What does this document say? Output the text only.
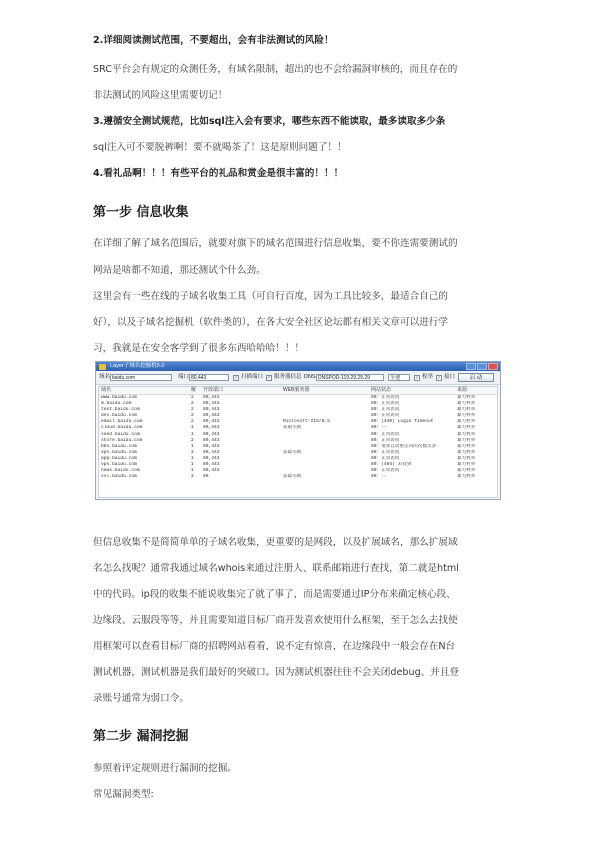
2.详细阅读测试范围，不要超出，会有非法测试的风险！

SRC平台会有规定的众测任务，有域名限制，超出的也不会给漏洞审核的，而且存在的

非法测试的风险这里需要切记！

3.遵循安全测试规范，比如sql注入会有要求，哪些东西不能读取，最多读取多少条

sql注入可不要脱裤啊！要不就喝茶了！这是原则问题了！！

4.看礼品啊！！！有些平台的礼品和赏金是很丰富的！！！

第一步 信息收集

在详细了解了域名范围后，就要对旗下的域名范围进行信息收集，要不你连需要测试的

网站是啥都不知道，那还测试个什么劲。

这里会有一些在线的子域名收集工具（可自行百度，因为工具比较多，最适合自己的

好），以及子域名挖掘机（软件类的），在各大安全社区论坛都有相关文章可以进行学

习，我就是在安全客学到了很多东西哈哈哈！！！

Layer子域名挖掘机5.0
域名 baidu.com	端口 80,443	✓ 扫描端口 ✓ 服务器信息 DNS DNSPOD-119.29.29.29	全速	✓ 枚举 ✓ 接口	启 动
域名	解	开放端口	WEB服务器	网站状态	来源
www.baidu.com	2	80,443		80：正常访问	暴力枚举
m.baidu.com	2	80,443		80：正常访问	暴力枚举
test.baidu.com	2	80,443		80：正常访问	暴力枚举
dev.baidu.com	2	80,443		80：正常访问	暴力枚举
email.baidu.com	2	80,443	Microsoft-IIS/8.5	80：(440) Login Timeout	暴力枚举
cloud.baidu.com	1	80,443	获取失败	80：--	暴力枚举
seed.baidu.com	1	80,443		80：正常访问	暴力枚举
store.baidu.com	2	80,443		80：正常访问	暴力枚举
bbs.baidu.com	1	80,443		80：请求自动重定向的次数太多	暴力枚举
vpn.baidu.com	2	80,443	获取失败	80：正常访问	暴力枚举
app.baidu.com	1	80,443		80：正常访问	暴力枚举
vps.baidu.com	1	80,443		80：(404) 未找到	暴力枚举
news.baidu.com	1	80,443		80：正常访问	暴力枚举
ssl.baidu.com	2	80	获取失败	80：--	暴力枚举

但信息收集不是简简单单的子域名收集，更重要的是网段，以及扩展域名，那么扩展域

名怎么找呢？通常我通过域名whois来通过注册人、联系邮箱进行查找，第二就是html

中的代码。ip段的收集不能说收集完了就了事了，而是需要通过IP分布来确定核心段、

边缘段、云服段等等，并且需要知道目标厂商开发喜欢使用什么框架，至于怎么去找使

用框架可以查看目标厂商的招聘网站看看，说不定有惊喜，在边缘段中一般会存在N台

测试机器，测试机器是我们最好的突破口。因为测试机器往往不会关闭debug、并且登

录账号通常为弱口令。

第二步 漏洞挖掘

参照着评定规则进行漏洞的挖掘。

常见漏洞类型:
